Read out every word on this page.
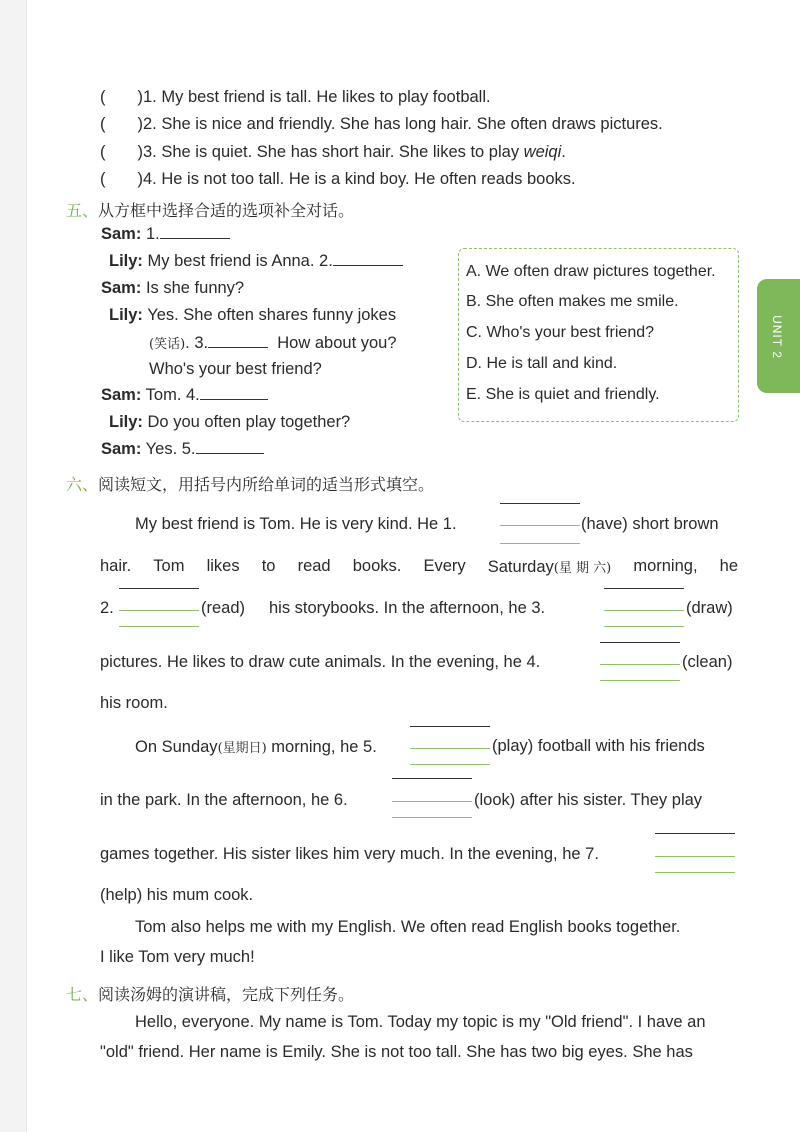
( )1. My best friend is tall. He likes to play football.
( )2. She is nice and friendly. She has long hair. She often draws pictures.
( )3. She is quiet. She has short hair. She likes to play weiqi.
( )4. He is not too tall. He is a kind boy. He often reads books.
五、从方框中选择合适的选项补全对话。
Sam: 1.
Lily: My best friend is Anna. 2.
Sam: Is she funny?
Lily: Yes. She often shares funny jokes
(笑话). 3.	How about you?
Who's your best friend?
Sam: Tom. 4.
Lily: Do you often play together?
Sam: Yes. 5.
A. We often draw pictures together.
B. She often makes me smile.
C. Who's your best friend?
D. He is tall and kind.
E. She is quiet and friendly.
UNIT 2
六、阅读短文，用括号内所给单词的适当形式填空。
My best friend is Tom. He is very kind. He 1.	(have) short brown
hair. Tom likes to read books. Every Saturday(星 期 六) morning, he
2.	(read) his storybooks. In the afternoon, he 3.	(draw)
pictures. He likes to draw cute animals. In the evening, he 4.	(clean)
his room.
On Sunday(星期日) morning, he 5.	(play) football with his friends
in the park. In the afternoon, he 6.	(look) after his sister. They play
games together. His sister likes him very much. In the evening, he 7.
(help) his mum cook.
Tom also helps me with my English. We often read English books together.
I like Tom very much!
七、阅读汤姆的演讲稿，完成下列任务。
Hello, everyone. My name is Tom. Today my topic is my "Old friend". I have an
"old" friend. Her name is Emily. She is not too tall. She has two big eyes. She has
